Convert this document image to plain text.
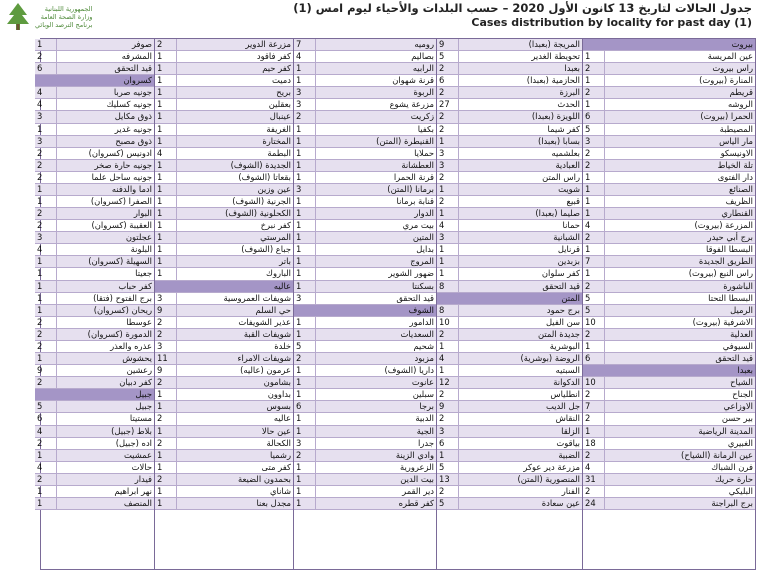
الجمهورية اللبنانية
وزارة الصحة العامة
برنامج الترصد الوبائي
جدول الحالات لتاريخ 13 كانون الأول 2020 – حسب البلدات والأحياء ليوم امس (1)
Cases distribution by locality for past day (1)
بيروت
عين المريسة
1
راس بيروت
2
المنارة (بيروت)
1
قريطم
2
الروشه
1
الحمرا (بيروت)
6
المصيطبة
5
مار الياس
3
الاونيسكو
2
تلة الخياط
2
دار الفتوى
1
الصنائع
1
الظريف
1
القنطاري
1
المزرعة (بيروت)
4
برج أبي حيدر
2
البسطا الفوقا
1
الطريق الجديدة
7
راس النبع (بيروت)
1
الباشورة
2
البسطا التحتا
5
الرميل
5
الاشرفية (بيروت)
10
العدلية
2
السيوفي
1
قيد التحقق
6
بعبدا
الشياح
10
الجناح
2
الاوزاعي
7
بير حسن
2
المدينة الرياضية
1
الغبيري
18
عين الرمانة (الشياح)
2
فرن الشباك
4
حارة حريك
31
البليكي
2
برج البراجنة
24
المريجة (بعبدا)
9
تحويطة الغدير
5
بعبدا
2
الحازمية (بعبدا)
6
البرزة
2
الحدث
27
اللويزة (بعبدا)
2
كفر شيما
2
بسابا (بعبدا)
1
بعلشميه
3
العبادية
3
راس المتن
2
شويت
1
قبيع
2
صليما (بعبدا)
1
حمانا
4
الشبانية
3
قرنايل
1
بزبدين
1
كفر سلوان
1
قيد التحقق
8
المتن
برج حمود
8
سن الفيل
10
جديدة المتن
2
البوشرية
1
الروضة (بوشرية)
4
السبتيه
1
الدكوانة
12
انطلياس
2
جل الديب
9
النقاش
2
الزلقا
3
بياقوت
6
الضبية
1
مزرعة دير عوكر
5
المنصورية (المتن)
13
الفنار
2
عين سعادة
5
روميه
7
بصاليم
4
الرابيه
1
قرنة شهوان
1
الربوة
3
مزرعة يشوع
3
زكريت
2
بكفيا
1
القنيطرة (المتن)
1
حملايا
1
العطشانة
1
قرنة الحمرا
1
برمانا (المتن)
3
قنابة برمانا
1
الدوار
1
بيت مري
1
المتين
1
بدايل
1
المروج
1
ضهور الشوير
1
بسكنتا
1
قيد التحقق
3
الشوف
الدامور
1
السعديات
1
شحيم
5
مزبود
2
داريا (الشوف)
1
عانوت
1
سبلين
1
برجا
6
الدبية
1
الجية
1
جدرا
3
وادي الزينة
2
الزعرورية
1
بيت الدين
1
دير القمر
1
كفر قطره
1
مزرعة الدوير
2
كفر فاقود
1
كفر حيم
1
دميت
1
بريح
1
بعقلين
1
عينبال
1
الغريفة
1
المختارة
1
البطمة
4
الجديدة (الشوف)
1
بقعاتا (الشوف)
1
عين وزين
1
الجرنية (الشوف)
1
الكحلونية (الشوف)
1
كفر نبرخ
1
المرستي
1
جباع (الشوف)
1
باتر
1
الباروك
1
عاليه
شويفات العمروسية
3
حي السلم
9
عذير الشويفات
2
شويفات القبة
2
خلدة
3
شويفات الامراء
11
عرمون (عاليه)
9
بشامون
2
بداوون
1
بسوس
1
عاليه
2
عين حالا
1
الكحالة
2
رشميا
1
كفر متى
1
بحمدون الضيعة
2
شاناي
1
مجدل بعنا
1
صوفر
1
المشرفه
2
قيد التحقق
6
كسروان
جونيه صربا
4
جونيه كسليك
4
ذوق مكايل
3
جونيه غدير
1
ذوق مصبح
3
ادونيس (كسروان)
2
جونيه حارة صخر
2
جونيه ساحل علما
2
ادما والدفنه
1
الصفرا (كسروان)
1
البوار
2
العقيبة (كسروان)
2
عجلتون
3
البلونة
4
السهيلة (كسروان)
1
جعيتا
1
كفر حباب
1
برج الفتوح (فتقا)
1
ريحان (كسروان)
1
عوسطا
2
الدمورة (كسروان)
2
عذره والعذر
2
يحشوش
1
رعشين
9
كفر دبيان
2
جبيل
جبيل
5
مستيتا
6
بلاط (جبيل)
4
اده (جبيل)
2
عمشيت
1
حالات
4
فيدار
2
نهر ابراهيم
1
المنصف
1
